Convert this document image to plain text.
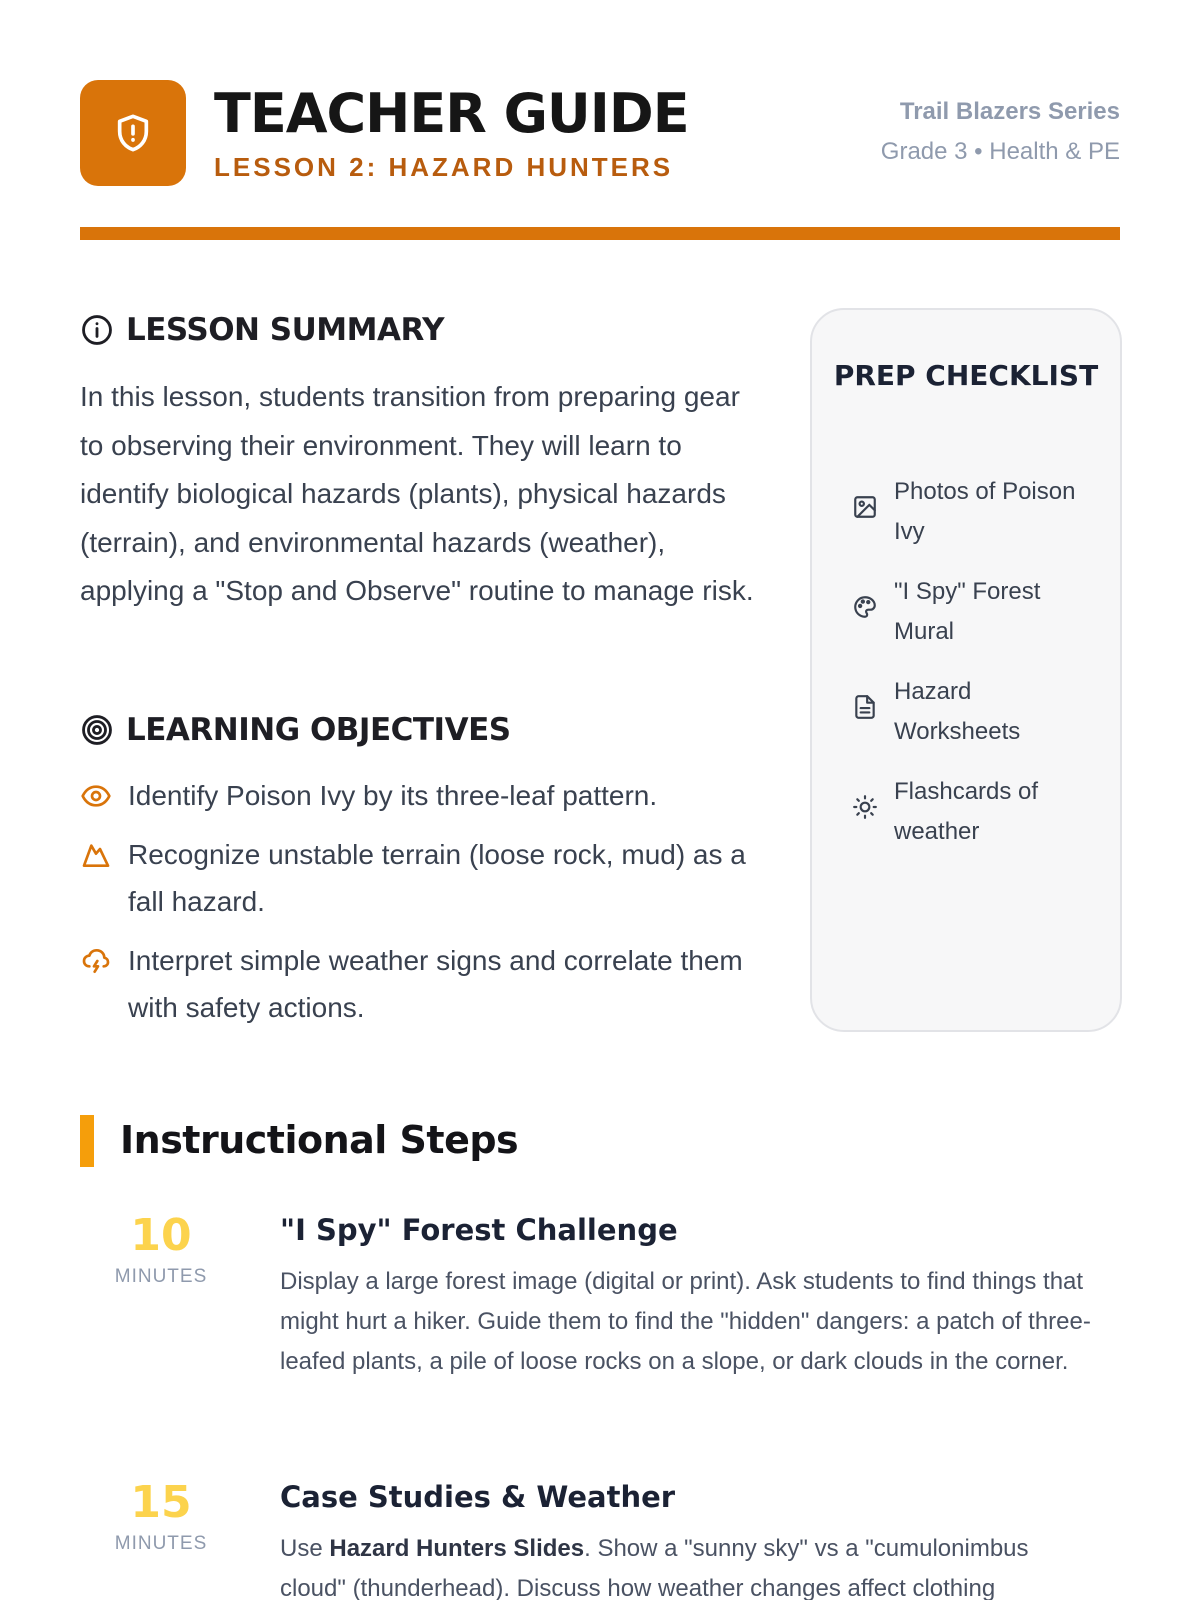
TEACHER GUIDE
LESSON 2: HAZARD HUNTERS
Trail Blazers Series
Grade 3 • Health & PE
LESSON SUMMARY

In this lesson, students transition from preparing gear to observing their environment. They will learn to identify biological hazards (plants), physical hazards (terrain), and environmental hazards (weather), applying a "Stop and Observe" routine to manage risk.

LEARNING OBJECTIVES
Identify Poison Ivy by its three-leaf pattern.
Recognize unstable terrain (loose rock, mud) as a fall hazard.
Interpret simple weather signs and correlate them with safety actions.
PREP CHECKLIST
Photos of Poison Ivy
"I Spy" Forest Mural
Hazard Worksheets
Flashcards of weather
Instructional Steps
10
MINUTES
"I Spy" Forest Challenge

Display a large forest image (digital or print). Ask students to find things that might hurt a hiker. Guide them to find the "hidden" dangers: a patch of three-leafed plants, a pile of loose rocks on a slope, or dark clouds in the corner.

15
MINUTES
Case Studies & Weather

Use Hazard Hunters Slides. Show a "sunny sky" vs a "cumulonimbus cloud" (thunderhead). Discuss how weather changes affect clothing
